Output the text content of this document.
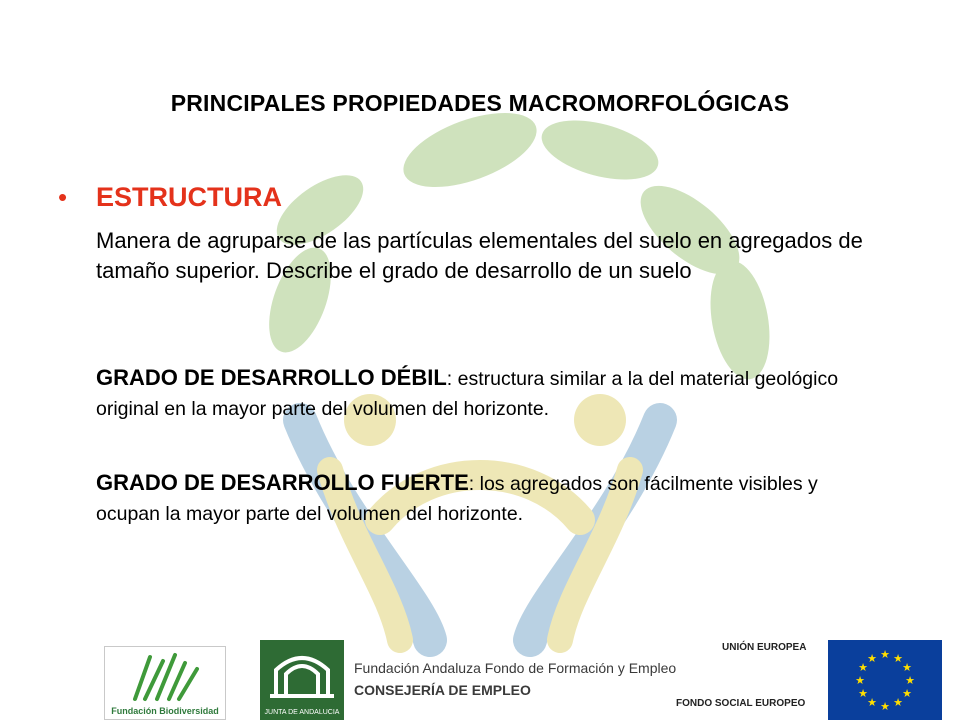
PRINCIPALES PROPIEDADES MACROMORFOLÓGICAS
•	ESTRUCTURA
Manera de agruparse de las partículas elementales del suelo en agregados de tamaño superior. Describe el grado de desarrollo de un suelo
GRADO DE DESARROLLO DÉBIL: estructura similar a la del material geológico original en la mayor parte del volumen del horizonte.
GRADO DE DESARROLLO FUERTE: los agregados son fácilmente visibles y ocupan la mayor parte del volumen del horizonte.
Fundación Biodiversidad	JUNTA DE ANDALUCIA
Fundación Andaluza Fondo de Formación y Empleo
CONSEJERÍA DE EMPLEO
UNIÓN EUROPEA
FONDO SOCIAL EUROPEO
★ ★
★
★
★
★
★
★
★
★
★
★
